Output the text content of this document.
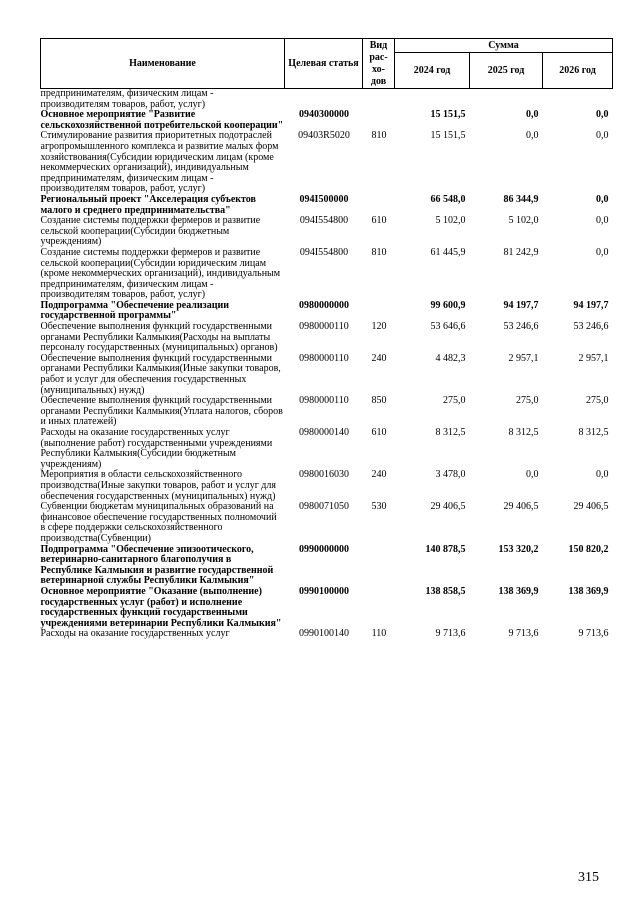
Наименование	Целевая статья	Вид рас-хо-дов	Сумма		
			2024 год	2025 год	2026 год
предпринимателям, физическим лицам - производителям товаров, работ, услуг)					
Основное мероприятие "Развитие сельскохозяйственной потребительской кооперации"	0940300000		15 151,5	0,0	0,0
Стимулирование развития приоритетных подотраслей агропромышленного комплекса и развитие малых форм хозяйствования(Субсидии юридическим лицам (кроме некоммерческих организаций), индивидуальным предпринимателям, физическим лицам - производителям товаров, работ, услуг)	09403R5020	810	15 151,5	0,0	0,0
Региональный проект "Акселерация субъектов малого и среднего предпринимательства"	094I500000		66 548,0	86 344,9	0,0
Создание системы поддержки фермеров и развитие сельской кооперации(Субсидии бюджетным учреждениям)	094I554800	610	5 102,0	5 102,0	0,0
Создание системы поддержки фермеров и развитие сельской кооперации(Субсидии юридическим лицам (кроме некоммерческих организаций), индивидуальным предпринимателям, физическим лицам - производителям товаров, работ, услуг)	094I554800	810	61 445,9	81 242,9	0,0
Подпрограмма "Обеспечение реализации государственной программы"	0980000000		99 600,9	94 197,7	94 197,7
Обеспечение выполнения функций государственными органами Республики Калмыкия(Расходы на выплаты персоналу государственных (муниципальных) органов)	0980000110	120	53 646,6	53 246,6	53 246,6
Обеспечение выполнения функций государственными органами Республики Калмыкия(Иные закупки товаров, работ и услуг для обеспечения государственных (муниципальных) нужд)	0980000110	240	4 482,3	2 957,1	2 957,1
Обеспечение выполнения функций государственными органами Республики Калмыкия(Уплата налогов, сборов и иных платежей)	0980000110	850	275,0	275,0	275,0
Расходы на оказание государственных услуг (выполнение работ) государственными учреждениями Республики Калмыкия(Субсидии бюджетным учреждениям)	0980000140	610	8 312,5	8 312,5	8 312,5
Мероприятия в области сельскохозяйственного производства(Иные закупки товаров, работ и услуг для обеспечения государственных (муниципальных) нужд)	0980016030	240	3 478,0	0,0	0,0
Субвенции бюджетам муниципальных образований на финансовое обеспечение государственных полномочий в сфере поддержки сельскохозяйственного производства(Субвенции)	0980071050	530	29 406,5	29 406,5	29 406,5
Подпрограмма "Обеспечение эпизоотического, ветеринарно-санитарного благополучия в Республике Калмыкия и развитие государственной ветеринарной службы Республики Калмыкия"	0990000000		140 878,5	153 320,2	150 820,2
Основное мероприятие "Оказание (выполнение) государственных услуг (работ) и исполнение государственных функций государственными учреждениями ветеринарии Республики Калмыкия"	0990100000		138 858,5	138 369,9	138 369,9
Расходы на оказание государственных услуг	0990100140	110	9 713,6	9 713,6	9 713,6
315
